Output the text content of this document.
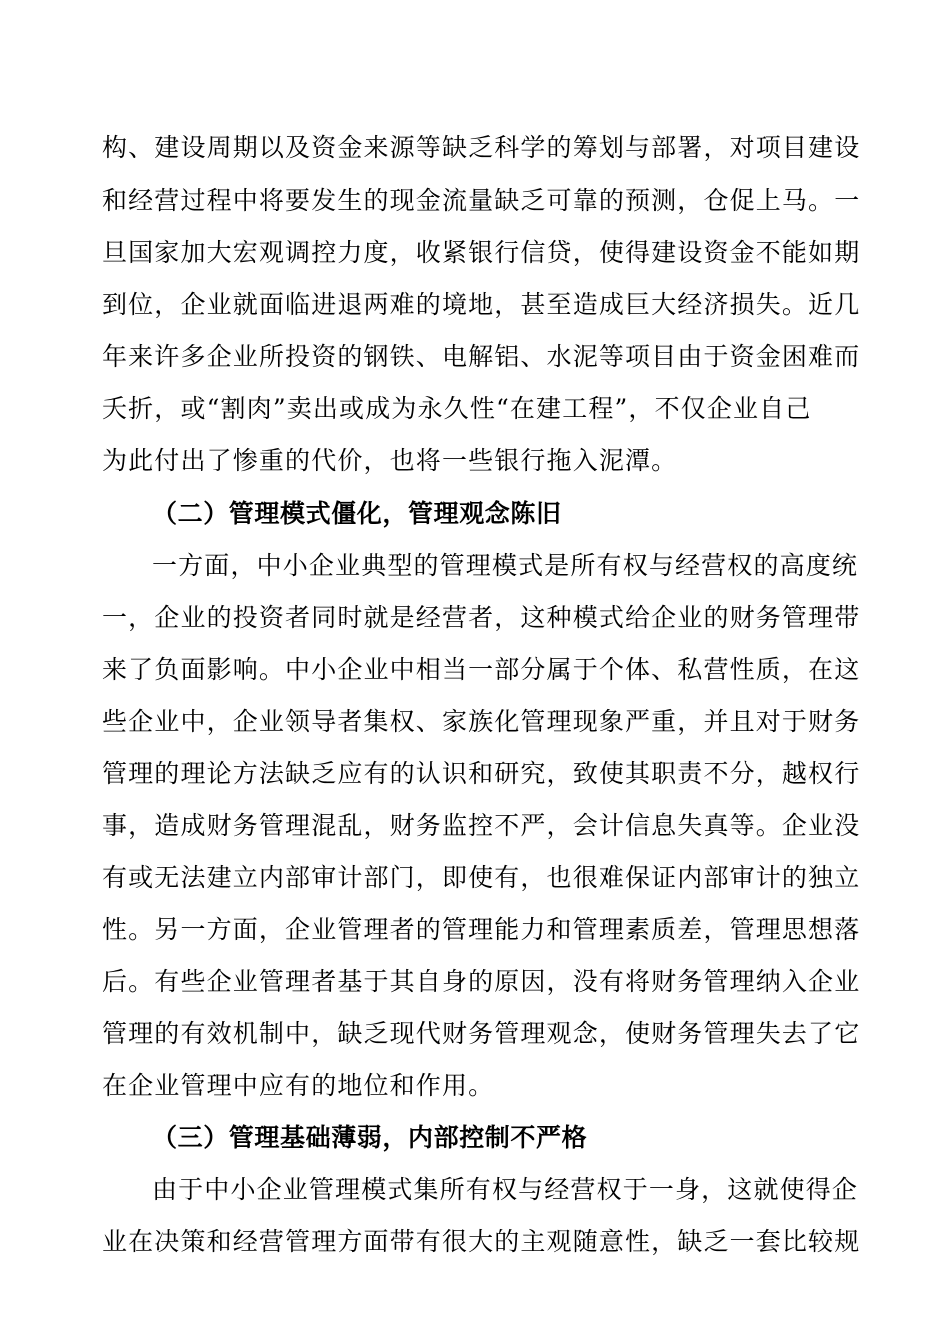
构、建设周期以及资金来源等缺乏科学的筹划与部署，对项目建设
和经营过程中将要发生的现金流量缺乏可靠的预测，仓促上马。一
旦国家加大宏观调控力度，收紧银行信贷，使得建设资金不能如期
到位，企业就面临进退两难的境地，甚至造成巨大经济损失。近几
年来许多企业所投资的钢铁、电解铝、水泥等项目由于资金困难而
夭折，或“割肉”卖出或成为永久性“在建工程”，不仅企业自己
为此付出了惨重的代价，也将一些银行拖入泥潭。
（二）管理模式僵化，管理观念陈旧
一方面，中小企业典型的管理模式是所有权与经营权的高度统
一，企业的投资者同时就是经营者，这种模式给企业的财务管理带
来了负面影响。中小企业中相当一部分属于个体、私营性质，在这
些企业中，企业领导者集权、家族化管理现象严重，并且对于财务
管理的理论方法缺乏应有的认识和研究，致使其职责不分，越权行
事，造成财务管理混乱，财务监控不严，会计信息失真等。企业没
有或无法建立内部审计部门，即使有，也很难保证内部审计的独立
性。另一方面，企业管理者的管理能力和管理素质差，管理思想落
后。有些企业管理者基于其自身的原因，没有将财务管理纳入企业
管理的有效机制中，缺乏现代财务管理观念，使财务管理失去了它
在企业管理中应有的地位和作用。
（三）管理基础薄弱，内部控制不严格
由于中小企业管理模式集所有权与经营权于一身，这就使得企
业在决策和经营管理方面带有很大的主观随意性，缺乏一套比较规
